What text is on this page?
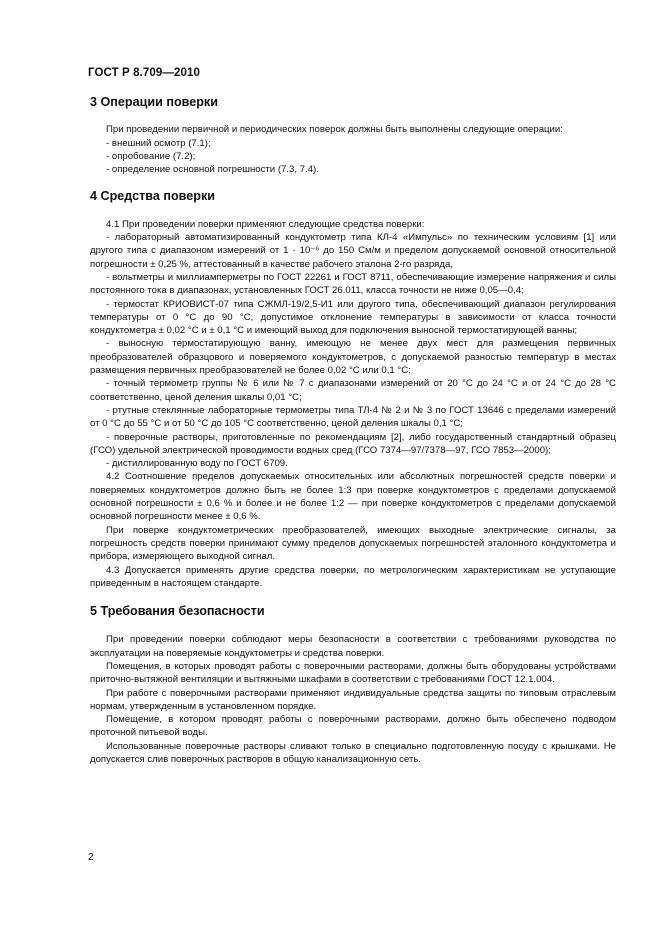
ГОСТ Р 8.709—2010
3 Операции поверки

При проведении первичной и периодических поверок должны быть выполнены следующие операции:

- внешний осмотр (7.1);

- опробование (7.2);

- определение основной погрешности (7.3, 7.4).

4 Средства поверки

4.1 При проведении поверки применяют следующие средства поверки:

- лабораторный автоматизированный кондуктометр типа КЛ-4 «Импульс» по техническим условиям [1] или другого типа с диапазоном измерений от 1 · 10⁻⁶ до 150 См/м и пределом допускаемой основной относительной погрешности ± 0,25 %, аттестованный в качестве рабочего эталона 2-го разряда,

- вольтметры и миллиамперметры по ГОСТ 22261 и ГОСТ 8711, обеспечивающие измерение напряжения и силы постоянного тока в диапазонах, установленных ГОСТ 26.011, класса точности не ниже 0,05—0,4;

- термостат КРИОВИСТ-07 типа СЖМЛ-19/2,5-И1 или другого типа, обеспечивающий диапазон регулирования температуры от 0 °С до 90 °С, допустимое отклонение температуры в зависимости от класса точности кондуктометра ± 0,02 °С и ± 0,1 °С и имеющий выход для подключения выносной термостатирующей ванны;

- выносную термостатирующую ванну, имеющую не менее двух мест для размещения первичных преобразователей образцового и поверяемого кондуктометров, с допускаемой разностью температур в местах размещения первичных преобразователей не более 0,02 °С или 0,1 °С;

- точный термометр группы № 6 или № 7 с диапазонами измерений от 20 °С до 24 °С и от 24 °С до 28 °С соответственно, ценой деления шкалы 0,01 °С;

- ртутные стеклянные лабораторные термометры типа ТЛ-4 № 2 и № 3 по ГОСТ 13646 с пределами измерений от 0 °С до 55 °С и от 50 °С до 105 °С соответственно, ценой деления шкалы 0,1 °С;

- поверочные растворы, приготовленные по рекомендациям [2], либо государственный стандартный образец (ГСО) удельной электрической проводимости водных сред (ГСО 7374—97/7378—97, ГСО 7853—2000);

- дистиллированную воду по ГОСТ 6709.

4.2 Соотношение пределов допускаемых относительных или абсолютных погрешностей средств поверки и поверяемых кондуктометров должно быть не более 1:3 при поверке кондуктометров с пределами допускаемой основной погрешности ± 0,6 % и более и не более 1:2 — при поверке кондуктометров с пределами допускаемой основной погрешности менее ± 0,6 %.

При поверке кондуктометрических преобразователей, имеющих выходные электрические сигналы, за погрешность средств поверки принимают сумму пределов допускаемых погрешностей эталонного кондуктометра и прибора, измеряющего выходной сигнал.

4.3 Допускается применять другие средства поверки, по метрологическим характеристикам не уступающие приведенным в настоящем стандарте.

5 Требования безопасности

При проведении поверки соблюдают меры безопасности в соответствии с требованиями руководства по эксплуатации на поверяемые кондуктометры и средства поверки.

Помещения, в которых проводят работы с поверочными растворами, должны быть оборудованы устройствами приточно-вытяжной вентиляции и вытяжными шкафами в соответствии с требованиями ГОСТ 12.1.004.

При работе с поверочными растворами применяют индивидуальные средства защиты по типовым отраслевым нормам, утвержденным в установленном порядке.

Помещение, в котором проводят работы с поверочными растворами, должно быть обеспечено подводом проточной питьевой воды.

Использованные поверочные растворы сливают только в специально подготовленную посуду с крышками. Не допускается слив поверочных растворов в общую канализационную сеть.

2
